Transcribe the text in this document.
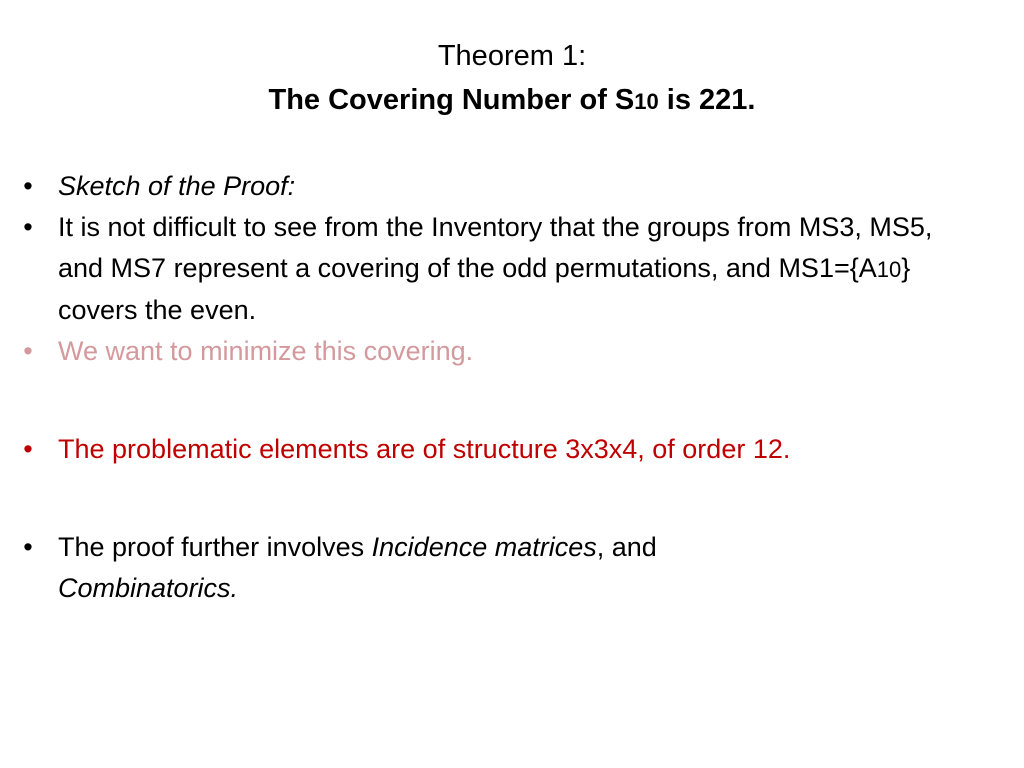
Theorem 1:
The Covering Number of S10 is 221.
• Sketch of the Proof:
• It is not difficult to see from the Inventory that the groups from MS3, MS5, and MS7 represent a covering of the odd permutations, and MS1={A10} covers the even.
• We want to minimize this covering.
• The problematic elements are of structure 3x3x4, of order 12.
• The proof further involves Incidence matrices, and
Combinatorics.
